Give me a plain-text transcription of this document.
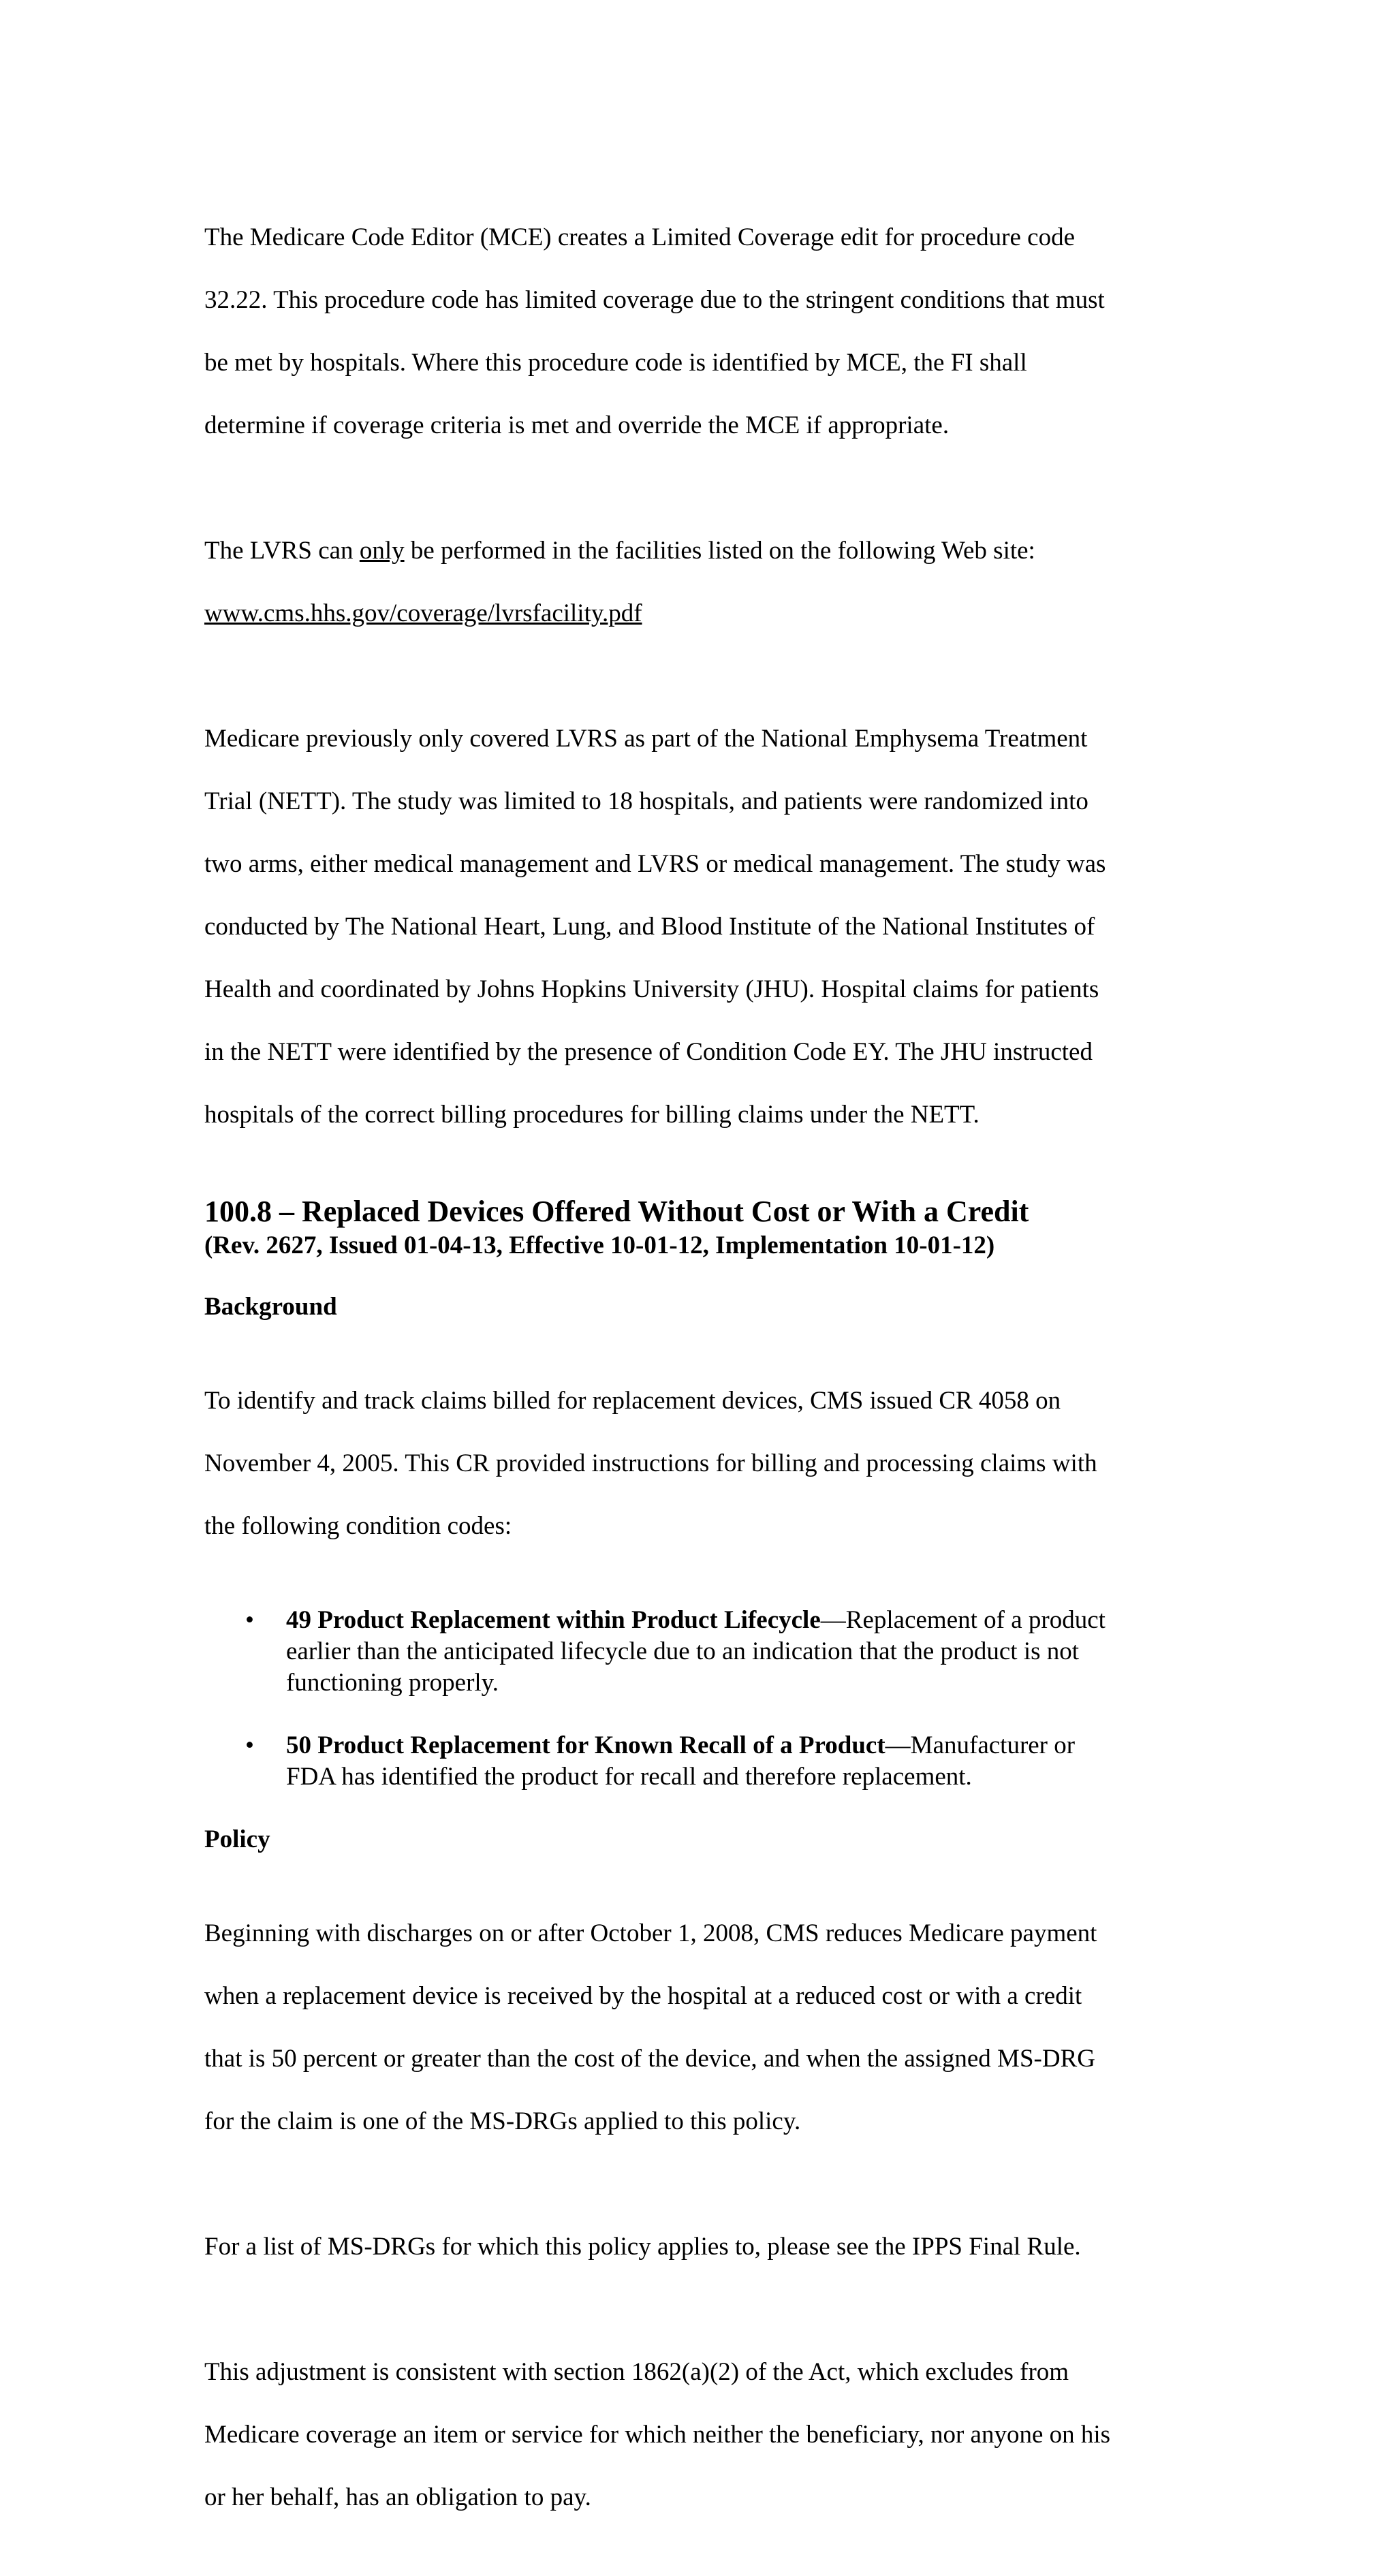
The Medicare Code Editor (MCE) creates a Limited Coverage edit for procedure code

32.22. This procedure code has limited coverage due to the stringent conditions that must

be met by hospitals. Where this procedure code is identified by MCE, the FI shall

determine if coverage criteria is met and override the MCE if appropriate.

The LVRS can only be performed in the facilities listed on the following Web site:

www.cms.hhs.gov/coverage/lvrsfacility.pdf

Medicare previously only covered LVRS as part of the National Emphysema Treatment

Trial (NETT). The study was limited to 18 hospitals, and patients were randomized into

two arms, either medical management and LVRS or medical management. The study was

conducted by The National Heart, Lung, and Blood Institute of the National Institutes of

Health and coordinated by Johns Hopkins University (JHU). Hospital claims for patients

in the NETT were identified by the presence of Condition Code EY. The JHU instructed

hospitals of the correct billing procedures for billing claims under the NETT.

100.8 – Replaced Devices Offered Without Cost or With a Credit
(Rev. 2627, Issued 01-04-13, Effective 10-01-12, Implementation 10-01-12)
Background

To identify and track claims billed for replacement devices, CMS issued CR 4058 on

November 4, 2005. This CR provided instructions for billing and processing claims with

the following condition codes:

• 49 Product Replacement within Product Lifecycle—Replacement of a product
earlier than the anticipated lifecycle due to an indication that the product is not
functioning properly.
• 50 Product Replacement for Known Recall of a Product—Manufacturer or
FDA has identified the product for recall and therefore replacement.
Policy

Beginning with discharges on or after October 1, 2008, CMS reduces Medicare payment

when a replacement device is received by the hospital at a reduced cost or with a credit

that is 50 percent or greater than the cost of the device, and when the assigned MS-DRG

for the claim is one of the MS-DRGs applied to this policy.

For a list of MS-DRGs for which this policy applies to, please see the IPPS Final Rule.

This adjustment is consistent with section 1862(a)(2) of the Act, which excludes from

Medicare coverage an item or service for which neither the beneficiary, nor anyone on his

or her behalf, has an obligation to pay.
